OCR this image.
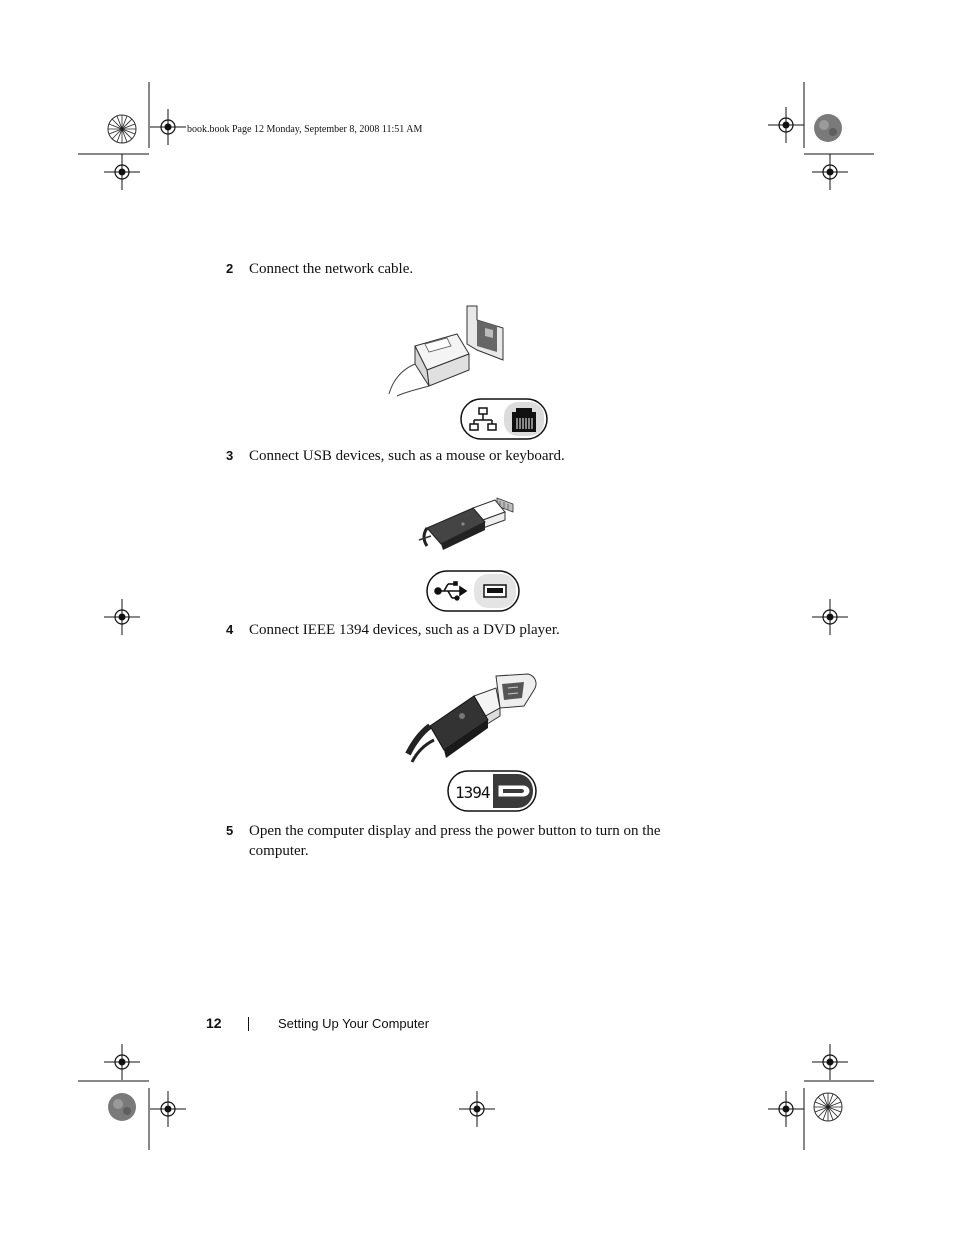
book.book Page 12 Monday, September 8, 2008 11:51 AM
2 Connect the network cable.
3 Connect USB devices, such as a mouse or keyboard.
4 Connect IEEE 1394 devices, such as a DVD player.
1394
5 Open the computer display and press the power button to turn on the computer.
12	Setting Up Your Computer
